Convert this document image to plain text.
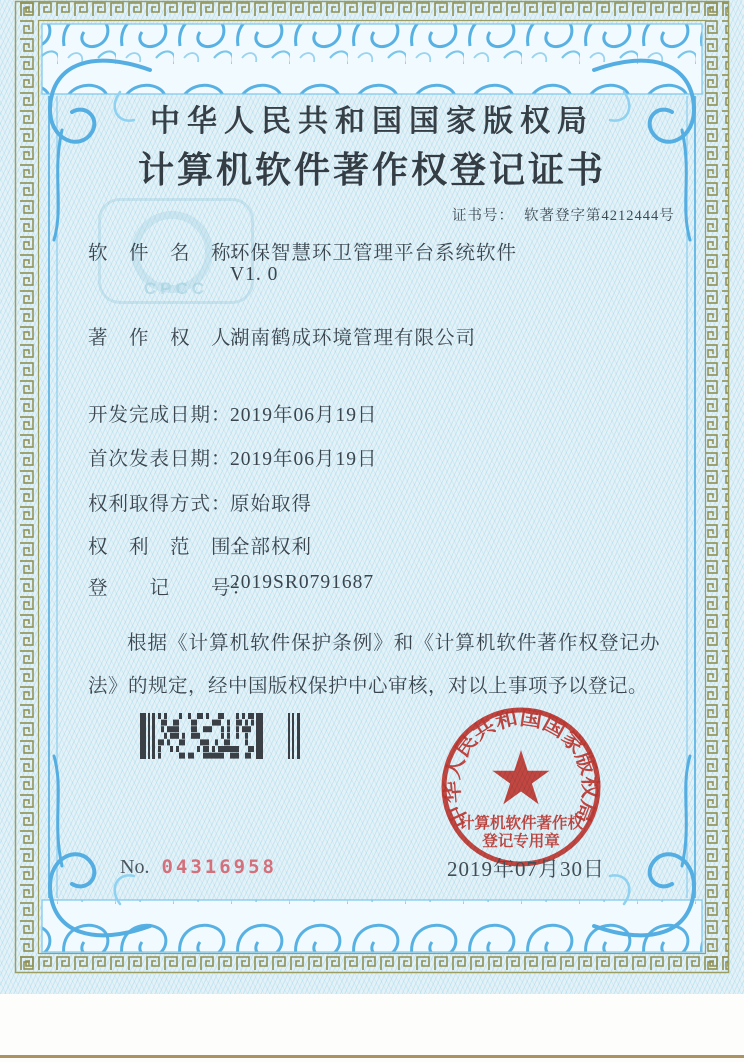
CPCC
中华人民共和国国家版权局
计算机软件著作权登记证书
证书号： 软著登字第4212444号
软　件　名　称：
环保智慧环卫管理平台系统软件
V1. 0
著　作　权　人：
湖南鹤成环境管理有限公司
开发完成日期：
2019年06月19日
首次发表日期：
2019年06月19日
权利取得方式：
原始取得
权　利　范　围：
全部权利
登　　记　　号：
2019SR0791687
根据《计算机软件保护条例》和《计算机软件著作权登记办法》的规定，经中国版权保护中心审核，对以上事项予以登记。
中华人民共和国国家版权局
计算机软件著作权
登记专用章
2019年07月30日
No. 04316958
